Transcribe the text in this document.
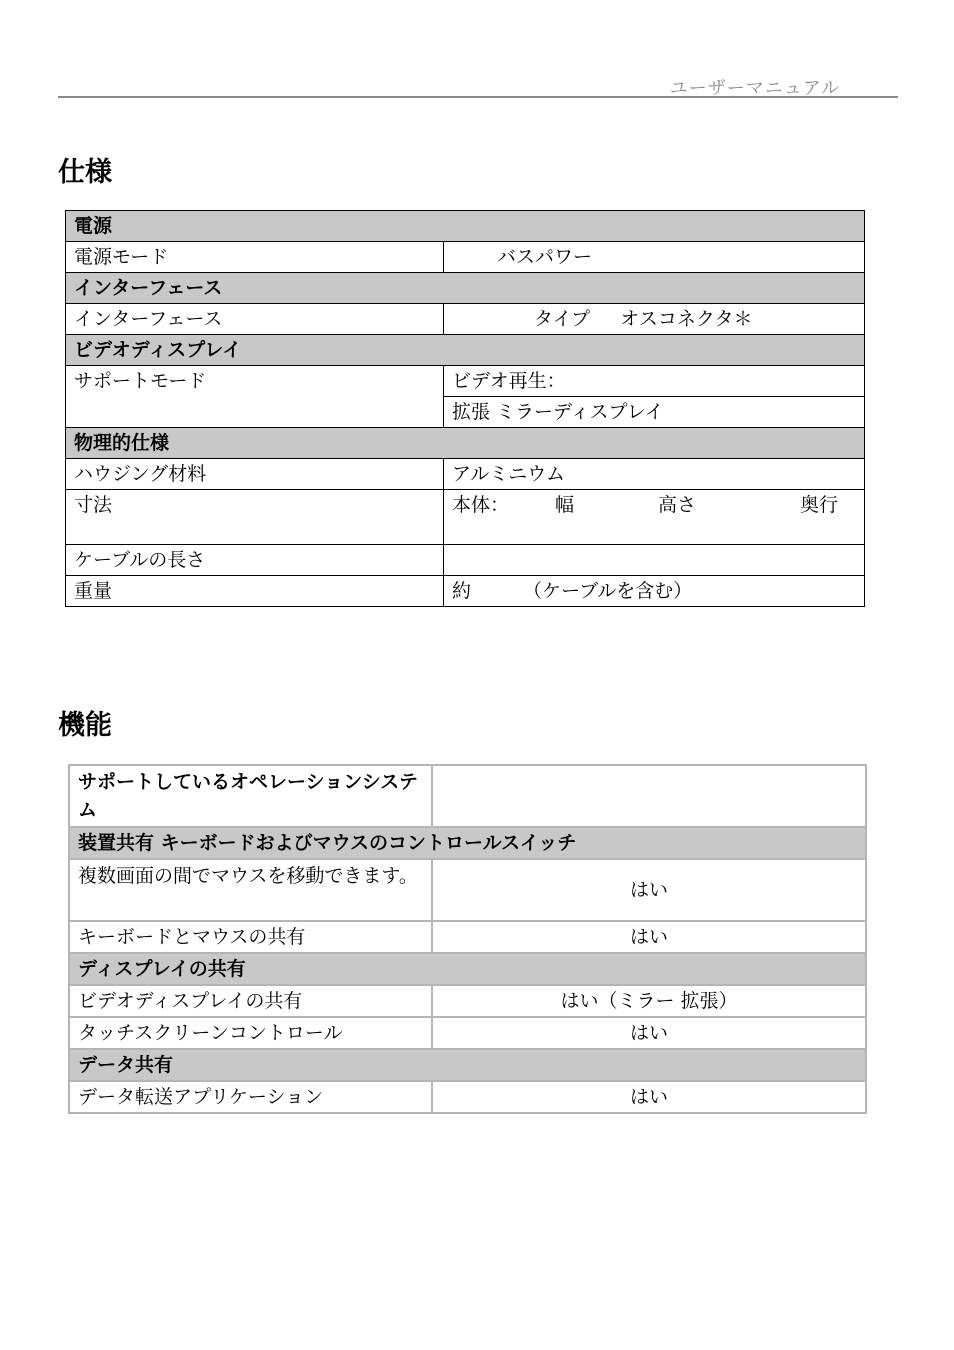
ユーザーマニュアル
仕様
電源	
電源モード	バスパワー
インターフェース	
インターフェース	タイプ オスコネクタ＊
ビデオディスプレイ	
サポートモード	ビデオ再生：
	拡張 ミラーディスプレイ
物理的仕様	
ハウジング材料	アルミニウム
寸法	本体： 幅 高さ 奥行
ケーブルの長さ	
重量	約 （ケーブルを含む）
機能
サポートしているオペレーションシステム	
装置共有 キーボードおよびマウスのコントロールスイッチ	
複数画面の間でマウスを移動できます。	はい
キーボードとマウスの共有	はい
ディスプレイの共有	
ビデオディスプレイの共有	はい（ミラー 拡張）
タッチスクリーンコントロール	はい
データ共有	
データ転送アプリケーション	はい
